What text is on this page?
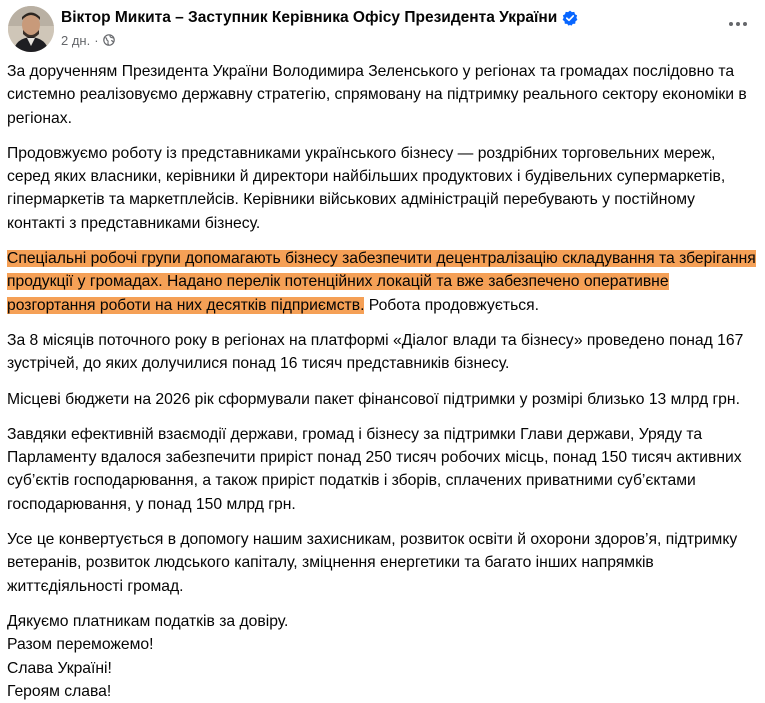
Віктор Микита – Заступник Керівника Офісу Президента України
2 дн. ·

За дорученням Президента України Володимира Зеленського у регіонах та громадах послідовно та системно реалізовуємо державну стратегію, спрямовану на підтримку реального сектору економіки в регіонах.

Продовжуємо роботу із представниками українського бізнесу — роздрібних торговельних мереж, серед яких власники, керівники й директори найбільших продуктових і будівельних супермаркетів, гіпермаркетів та маркетплейсів. Керівники військових адміністрацій перебувають у постійному контакті з представниками бізнесу.

Спеціальні робочі групи допомагають бізнесу забезпечити децентралізацію складування та зберігання продукції у громадах. Надано перелік потенційних локацій та вже забезпечено оперативне розгортання роботи на них десятків підприємств. Робота продовжується.

За 8 місяців поточного року в регіонах на платформі «Діалог влади та бізнесу» проведено понад 167 зустрічей, до яких долучилися понад 16 тисяч представників бізнесу.

Місцеві бюджети на 2026 рік сформували пакет фінансової підтримки у розмірі близько 13 млрд грн.

Завдяки ефективній взаємодії держави, громад і бізнесу за підтримки Глави держави, Уряду та Парламенту вдалося забезпечити приріст понад 250 тисяч робочих місць, понад 150 тисяч активних суб’єктів господарювання, а також приріст податків і зборів, сплачених приватними суб’єктами господарювання, у понад 150 млрд грн.

Усе це конвертується в допомогу нашим захисникам, розвиток освіти й охорони здоров’я, підтримку ветеранів, розвиток людського капіталу, зміцнення енергетики та багато інших напрямків життєдіяльності громад.

Дякуємо платникам податків за довіру.
Разом переможемо!
Слава Україні!
Героям слава!
